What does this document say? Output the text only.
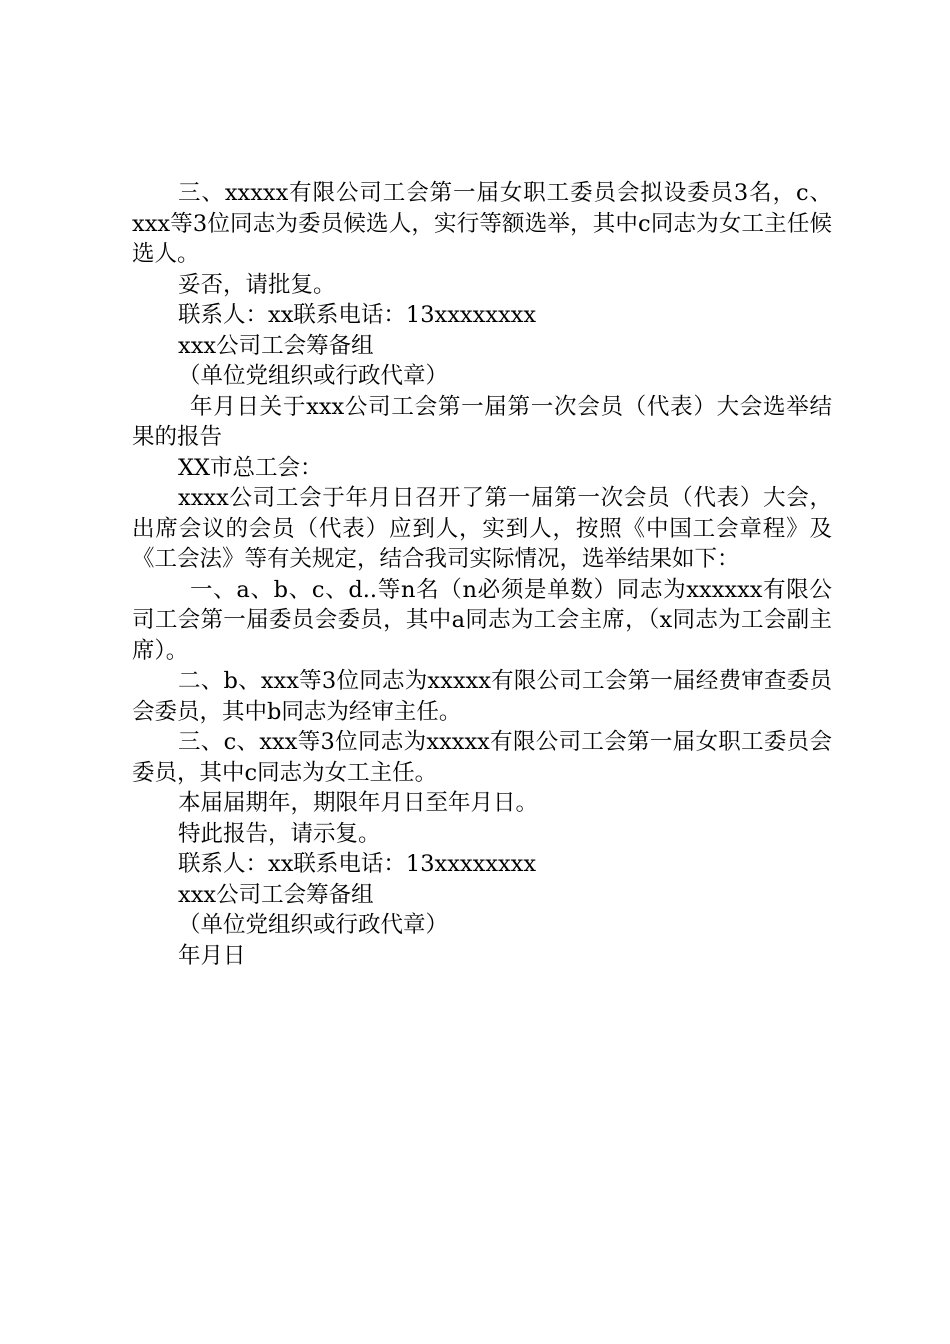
三、xxxxx有限公司工会第一届女职工委员会拟设委员3名，c、xxx等3位同志为委员候选人，实行等额选举，其中c同志为女工主任候选人。

妥否，请批复。

联系人：xx联系电话：13xxxxxxxx

xxx公司工会筹备组

（单位党组织或行政代章）

年月日关于xxx公司工会第一届第一次会员（代表）大会选举结果的报告

XX市总工会：

xxxx公司工会于年月日召开了第一届第一次会员（代表）大会，出席会议的会员（代表）应到人，实到人，按照《中国工会章程》及《工会法》等有关规定，结合我司实际情况，选举结果如下：

一、a、b、c、d..等n名（n必须是单数）同志为xxxxxx有限公司工会第一届委员会委员，其中a同志为工会主席，（x同志为工会副主席）。

二、b、xxx等3位同志为xxxxx有限公司工会第一届经费审查委员会委员，其中b同志为经审主任。

三、c、xxx等3位同志为xxxxx有限公司工会第一届女职工委员会委员，其中c同志为女工主任。

本届届期年，期限年月日至年月日。

特此报告，请示复。

联系人：xx联系电话：13xxxxxxxx

xxx公司工会筹备组

（单位党组织或行政代章）

年月日
